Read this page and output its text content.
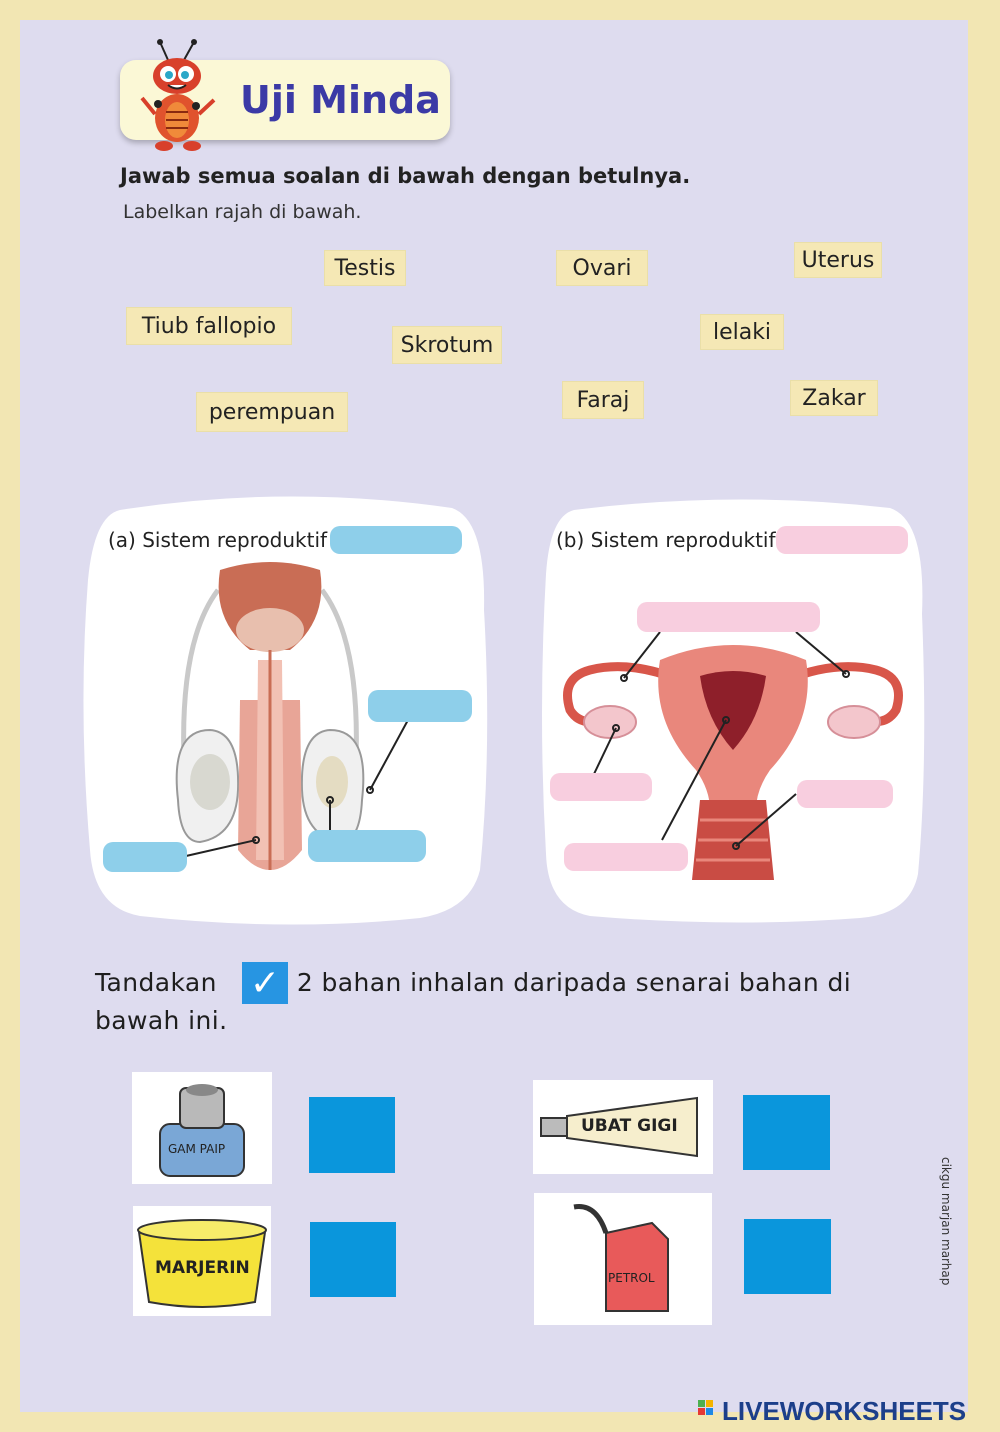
Uji Minda
Jawab semua soalan di bawah dengan betulnya.
Labelkan rajah di bawah.
Testis	Ovari	Uterus
Tiub fallopio
Skrotum
lelaki
perempuan	Faraj	Zakar
(a) Sistem reproduktif	(b) Sistem reproduktif
Tandakan	2 bahan inhalan daripada senarai bahan di bawah ini.
✓
GAM PAIP
UBAT GIGI
MARJERIN	PETROL	cikgu marjan marhap
LIVEWORKSHEETS
